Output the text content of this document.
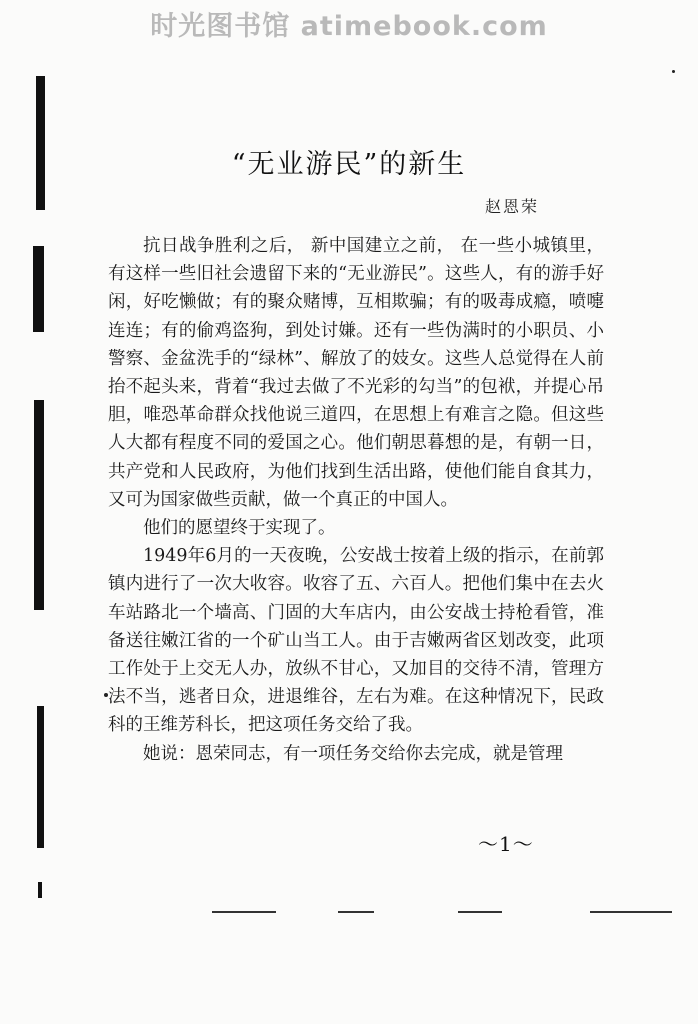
时光图书馆 atimebook.com
“无业游民”的新生
赵恩荣

抗日战争胜利之后， 新中国建立之前， 在一些小城镇里，有这样一些旧社会遗留下来的“无业游民”。这些人，有的游手好闲，好吃懒做；有的聚众赌博，互相欺骗；有的吸毒成瘾，喷嚏连连；有的偷鸡盗狗，到处讨嫌。还有一些伪满时的小职员、小警察、金盆洗手的“绿林”、解放了的妓女。这些人总觉得在人前抬不起头来，背着“我过去做了不光彩的勾当”的包袱，并提心吊胆，唯恐革命群众找他说三道四，在思想上有难言之隐。但这些人大都有程度不同的爱国之心。他们朝思暮想的是，有朝一日，共产党和人民政府，为他们找到生活出路，使他们能自食其力，又可为国家做些贡献，做一个真正的中国人。

他们的愿望终于实现了。

1949年6月的一天夜晚，公安战士按着上级的指示，在前郭镇内进行了一次大收容。收容了五、六百人。把他们集中在去火车站路北一个墙高、门固的大车店内，由公安战士持枪看管，准备送往嫩江省的一个矿山当工人。由于吉嫩两省区划改变，此项工作处于上交无人办，放纵不甘心，又加目的交待不清，管理方法不当，逃者日众，进退维谷，左右为难。在这种情况下，民政科的王维芳科长，把这项任务交给了我。

她说：恩荣同志，有一项任务交给你去完成，就是管理

～1～
